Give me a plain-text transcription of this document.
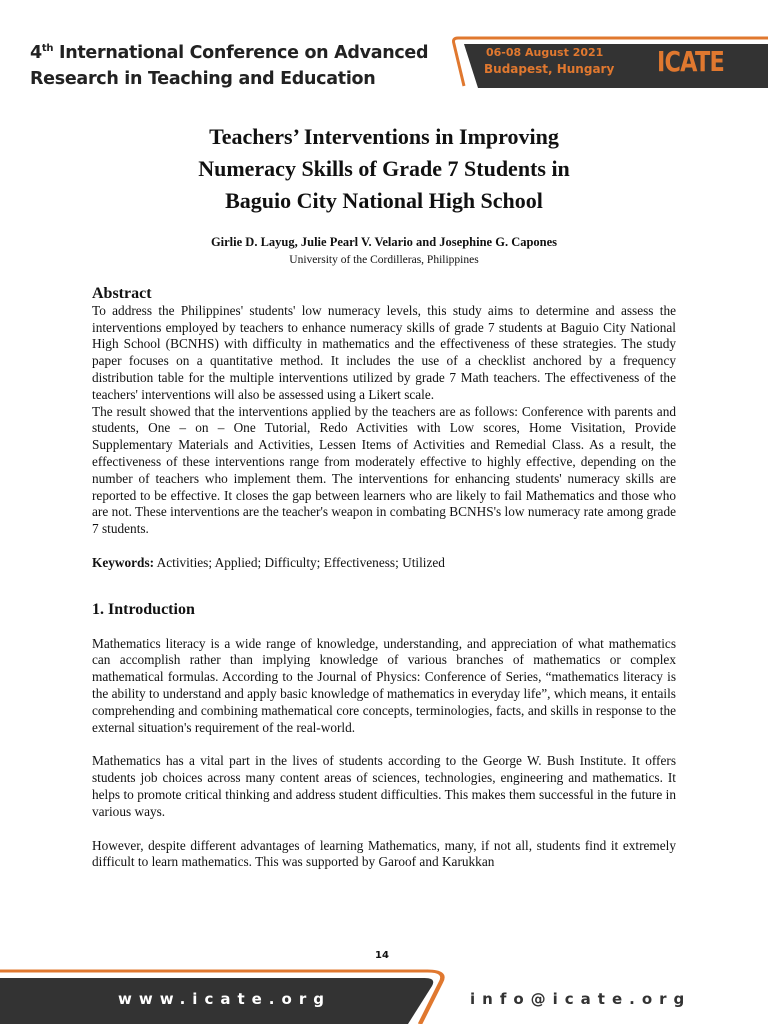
4th International Conference on Advanced
Research in Teaching and Education
06-08 August 2021
Budapest, Hungary ICATE
Teachers’ Interventions in Improving
Numeracy Skills of Grade 7 Students in
Baguio City National High School
Girlie D. Layug, Julie Pearl V. Velario and Josephine G. Capones
University of the Cordilleras, Philippines
Abstract

To address the Philippines' students' low numeracy levels, this study aims to determine and assess the interventions employed by teachers to enhance numeracy skills of grade 7 students at Baguio City National High School (BCNHS) with difficulty in mathematics and the effectiveness of these strategies. The study paper focuses on a quantitative method. It includes the use of a checklist anchored by a frequency distribution table for the multiple interventions utilized by grade 7 Math teachers. The effectiveness of the teachers' interventions will also be assessed using a Likert scale.

The result showed that the interventions applied by the teachers are as follows: Conference with parents and students, One – on – One Tutorial, Redo Activities with Low scores, Home Visitation, Provide Supplementary Materials and Activities, Lessen Items of Activities and Remedial Class. As a result, the effectiveness of these interventions range from moderately effective to highly effective, depending on the number of teachers who implement them. The interventions for enhancing students' numeracy skills are reported to be effective. It closes the gap between learners who are likely to fail Mathematics and those who are not. These interventions are the teacher's weapon in combating BCNHS's low numeracy rate among grade 7 students.

Keywords: Activities; Applied; Difficulty; Effectiveness; Utilized

1. Introduction

Mathematics literacy is a wide range of knowledge, understanding, and appreciation of what mathematics can accomplish rather than implying knowledge of various branches of mathematics or complex mathematical formulas. According to the Journal of Physics: Conference of Series, “mathematics literacy is the ability to understand and apply basic knowledge of mathematics in everyday life”, which means, it entails comprehending and combining mathematical core concepts, terminologies, facts, and skills in response to the external situation's requirement of the real-world.

Mathematics has a vital part in the lives of students according to the George W. Bush Institute. It offers students job choices across many content areas of sciences, technologies, engineering and mathematics. It helps to promote critical thinking and address student difficulties. This makes them successful in the future in various ways.

However, despite different advantages of learning Mathematics, many, if not all, students find it extremely difficult to learn mathematics. This was supported by Garoof and Karukkan

14
www.icate.org	info@icate.org
